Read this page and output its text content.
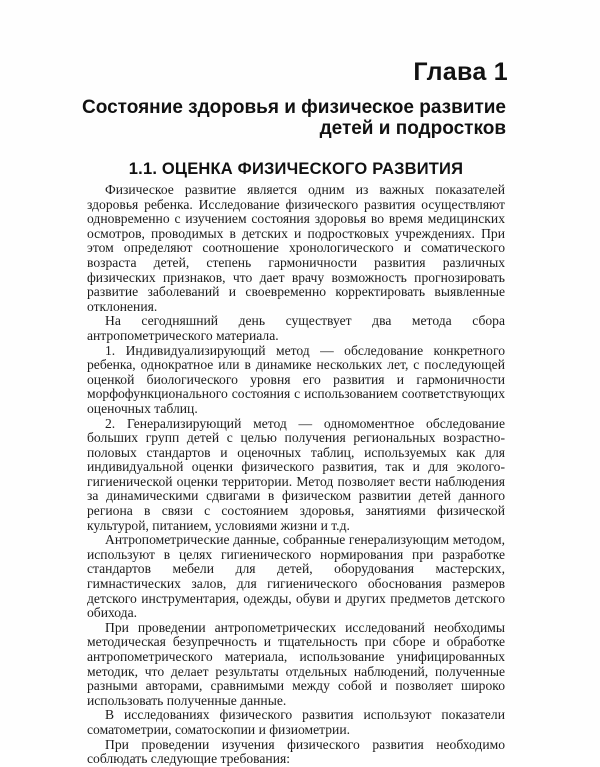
Глава 1
Состояние здоровья и физическое развитие
детей и подростков
1.1. ОЦЕНКА ФИЗИЧЕСКОГО РАЗВИТИЯ

Физическое развитие является одним из важных показателей здоровья ребенка. Исследование физического развития осуществляют одновременно с изучением состояния здоровья во время медицинских осмотров, проводимых в детских и подростковых учреждениях. При этом определяют соотношение хронологического и соматического возраста детей, степень гармоничности развития различных физических признаков, что дает врачу возможность прогнозировать развитие заболеваний и своевременно корректировать выявленные отклонения.

На сегодняшний день существует два метода сбора антропометрического материала.

1. Индивидуализирующий метод — обследование конкретного ребенка, однократное или в динамике нескольких лет, с последующей оценкой биологического уровня его развития и гармоничности морфофункционального состояния с использованием соответствующих оценочных таблиц.

2. Генерализирующий метод — одномоментное обследование больших групп детей с целью получения региональных возрастно-половых стандартов и оценочных таблиц, используемых как для индивидуальной оценки физического развития, так и для эколого-гигиенической оценки территории. Метод позволяет вести наблюдения за динамическими сдвигами в физическом развитии детей данного региона в связи с состоянием здоровья, занятиями физической культурой, питанием, условиями жизни и т.д.

Антропометрические данные, собранные генерализующим методом, используют в целях гигиенического нормирования при разработке стандартов мебели для детей, оборудования мастерских, гимнастических залов, для гигиенического обоснования размеров детского инструментария, одежды, обуви и других предметов детского обихода.

При проведении антропометрических исследований необходимы методическая безупречность и тщательность при сборе и обработке антропометрического материала, использование унифицированных методик, что делает результаты отдельных наблюдений, полученные разными авторами, сравнимыми между собой и позволяет широко использовать полученные данные.

В исследованиях физического развития используют показатели соматометрии, соматоскопии и физиометрии.

При проведении изучения физического развития необходимо соблюдать следующие требования:
